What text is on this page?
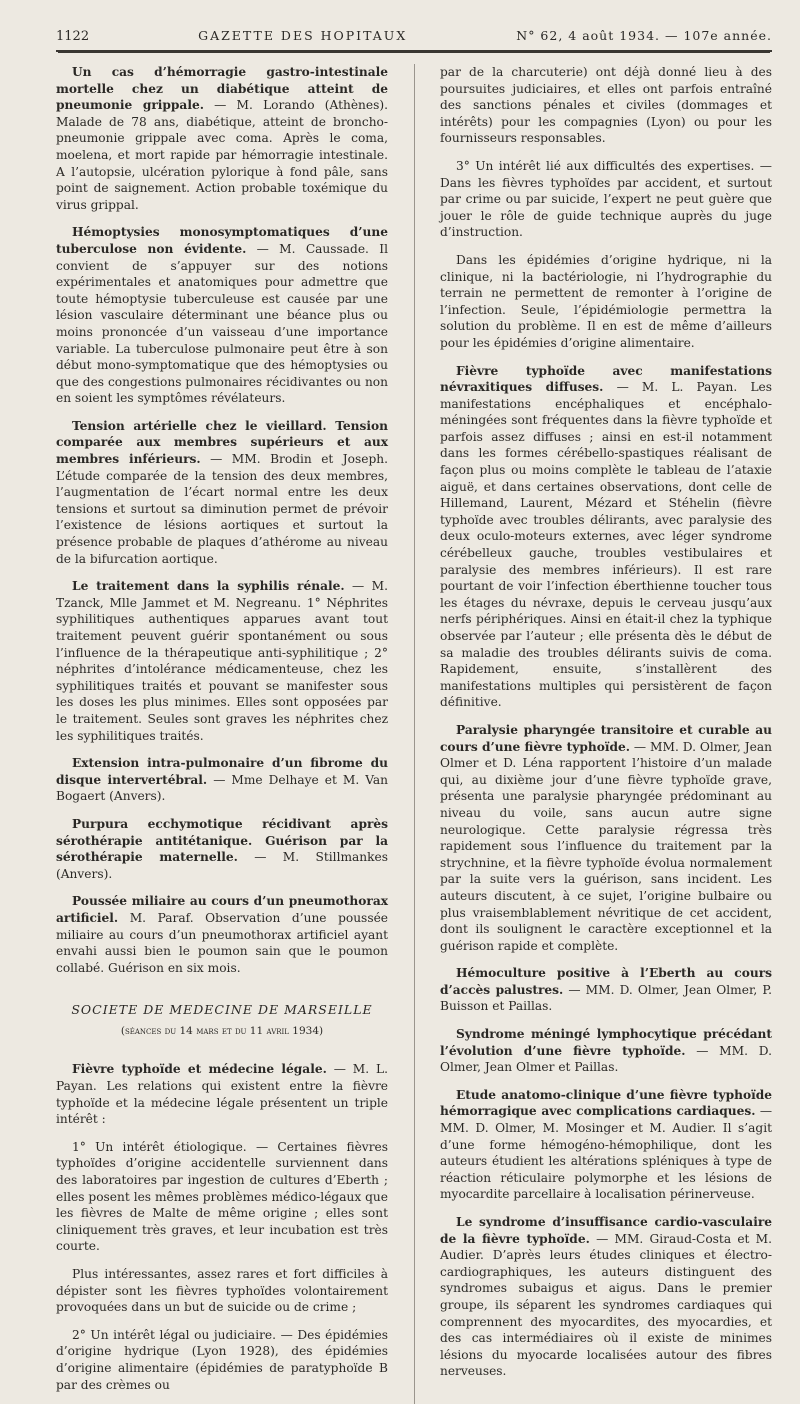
1122	GAZETTE DES HOPITAUX	N° 62, 4 août 1934. — 107e année.

Un cas d’hémorragie gastro-intestinale mortelle chez un diabétique atteint de pneumonie grippale. — M. Lorando (Athènes). Malade de 78 ans, diabétique, atteint de broncho-pneumonie grippale avec coma. Après le coma, moelena, et mort rapide par hémorragie intestinale. A l’autopsie, ulcération pylorique à fond pâle, sans point de saignement. Action probable toxémique du virus grippal.

Hémoptysies monosymptomatiques d’une tuberculose non évidente. — M. Caussade. Il convient de s’appuyer sur des notions expérimentales et anatomiques pour admettre que toute hémoptysie tuberculeuse est causée par une lésion vasculaire déterminant une béance plus ou moins prononcée d’un vaisseau d’une importance variable. La tuberculose pulmonaire peut être à son début mono-symptomatique que des hémoptysies ou que des congestions pulmonaires récidivantes ou non en soient les symptômes révélateurs.

Tension artérielle chez le vieillard. Tension comparée aux membres supérieurs et aux membres inférieurs. — MM. Brodin et Joseph. L’étude comparée de la tension des deux membres, l’augmentation de l’écart normal entre les deux tensions et surtout sa diminution permet de prévoir l’existence de lésions aortiques et surtout la présence probable de plaques d’athérome au niveau de la bifurcation aortique.

Le traitement dans la syphilis rénale. — M. Tzanck, Mlle Jammet et M. Negreanu. 1° Néphrites syphilitiques authentiques apparues avant tout traitement peuvent guérir spontanément ou sous l’influence de la thérapeutique anti-syphilitique ; 2° néphrites d’intolérance médicamenteuse, chez les syphilitiques traités et pouvant se manifester sous les doses les plus minimes. Elles sont opposées par le traitement. Seules sont graves les néphrites chez les syphilitiques traités.

Extension intra-pulmonaire d’un fibrome du disque intervertébral. — Mme Delhaye et M. Van Bogaert (Anvers).

Purpura ecchymotique récidivant après sérothérapie antitétanique. Guérison par la sérothérapie maternelle. — M. Stillmankes (Anvers).

Poussée miliaire au cours d’un pneumothorax artificiel. M. Paraf. Observation d’une poussée miliaire au cours d’un pneumothorax artificiel ayant envahi aussi bien le poumon sain que le poumon collabé. Guérison en six mois.

SOCIETE DE MEDECINE DE MARSEILLE
(séances du 14 mars et du 11 avril 1934)

Fièvre typhoïde et médecine légale. — M. L. Payan. Les relations qui existent entre la fièvre typhoïde et la médecine légale présentent un triple intérêt :

1° Un intérêt étiologique. — Certaines fièvres typhoïdes d’origine accidentelle surviennent dans des laboratoires par ingestion de cultures d’Eberth ; elles posent les mêmes problèmes médico-légaux que les fièvres de Malte de même origine ; elles sont cliniquement très graves, et leur incubation est très courte.

Plus intéressantes, assez rares et fort difficiles à dépister sont les fièvres typhoïdes volontairement provoquées dans un but de suicide ou de crime ;

2° Un intérêt légal ou judiciaire. — Des épidémies d’origine hydrique (Lyon 1928), des épidémies d’origine alimentaire (épidémies de paratyphoïde B par des crèmes ou

par de la charcuterie) ont déjà donné lieu à des poursuites judiciaires, et elles ont parfois entraîné des sanctions pénales et civiles (dommages et intérêts) pour les compagnies (Lyon) ou pour les fournisseurs responsables.

3° Un intérêt lié aux difficultés des expertises. — Dans les fièvres typhoïdes par accident, et surtout par crime ou par suicide, l’expert ne peut guère que jouer le rôle de guide technique auprès du juge d’instruction.

Dans les épidémies d’origine hydrique, ni la clinique, ni la bactériologie, ni l’hydrographie du terrain ne permettent de remonter à l’origine de l’infection. Seule, l’épidémiologie permettra la solution du problème. Il en est de même d’ailleurs pour les épidémies d’origine alimentaire.

Fièvre typhoïde avec manifestations névraxitiques diffuses. — M. L. Payan. Les manifestations encéphaliques et encéphalo-méningées sont fréquentes dans la fièvre typhoïde et parfois assez diffuses ; ainsi en est-il notamment dans les formes cérébello-spastiques réalisant de façon plus ou moins complète le tableau de l’ataxie aiguë, et dans certaines observations, dont celle de Hillemand, Laurent, Mézard et Stéhelin (fièvre typhoïde avec troubles délirants, avec paralysie des deux oculo-moteurs externes, avec léger syndrome cérébelleux gauche, troubles vestibulaires et paralysie des membres inférieurs). Il est rare pourtant de voir l’infection éberthienne toucher tous les étages du névraxe, depuis le cerveau jusqu’aux nerfs périphériques. Ainsi en était-il chez la typhique observée par l’auteur ; elle présenta dès le début de sa maladie des troubles délirants suivis de coma. Rapidement, ensuite, s’installèrent des manifestations multiples qui persistèrent de façon définitive.

Paralysie pharyngée transitoire et curable au cours d’une fièvre typhoïde. — MM. D. Olmer, Jean Olmer et D. Léna rapportent l’histoire d’un malade qui, au dixième jour d’une fièvre typhoïde grave, présenta une paralysie pharyngée prédominant au niveau du voile, sans aucun autre signe neurologique. Cette paralysie régressa très rapidement sous l’influence du traitement par la strychnine, et la fièvre typhoïde évolua normalement par la suite vers la guérison, sans incident. Les auteurs discutent, à ce sujet, l’origine bulbaire ou plus vraisemblablement névritique de cet accident, dont ils soulignent le caractère exceptionnel et la guérison rapide et complète.

Hémoculture positive à l’Eberth au cours d’accès palustres. — MM. D. Olmer, Jean Olmer, P. Buisson et Paillas.

Syndrome méningé lymphocytique précédant l’évolution d’une fièvre typhoïde. — MM. D. Olmer, Jean Olmer et Paillas.

Etude anatomo-clinique d’une fièvre typhoïde hémorragique avec complications cardiaques. — MM. D. Olmer, M. Mosinger et M. Audier. Il s’agit d’une forme hémogéno-hémophilique, dont les auteurs étudient les altérations spléniques à type de réaction réticulaire polymorphe et les lésions de myocardite parcellaire à localisation périnerveuse.

Le syndrome d’insuffisance cardio-vasculaire de la fièvre typhoïde. — MM. Giraud-Costa et M. Audier. D’après leurs études cliniques et électro-cardiographiques, les auteurs distinguent des syndromes subaigus et aigus. Dans le premier groupe, ils séparent les syndromes cardiaques qui comprennent des myocardites, des myocardies, et des cas intermédiaires où il existe de minimes lésions du myocarde localisées autour des fibres nerveuses.
